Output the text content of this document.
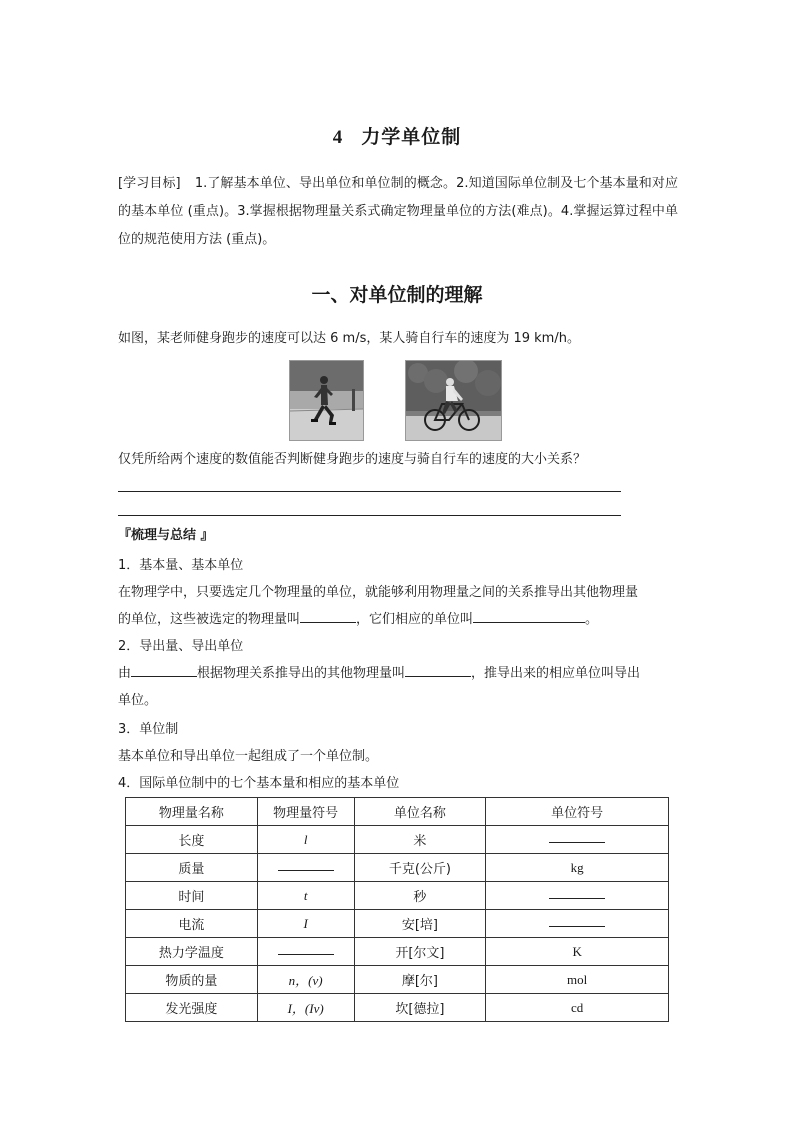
4 力学单位制
[学习目标] 1.了解基本单位、导出单位和单位制的概念。2.知道国际单位制及七个基本量和对应的基本单位 (重点)。3.掌握根据物理量关系式确定物理量单位的方法(难点)。4.掌握运算过程中单位的规范使用方法 (重点)。
一、对单位制的理解
如图，某老师健身跑步的速度可以达 6 m/s，某人骑自行车的速度为 19 km/h。
仅凭所给两个速度的数值能否判断健身跑步的速度与骑自行车的速度的大小关系？
『梳理与总结 』
1．基本量、基本单位
在物理学中，只要选定几个物理量的单位，就能够利用物理量之间的关系推导出其他物理量
的单位，这些被选定的物理量叫	，它们相应的单位叫	。
2．导出量、导出单位
由	根据物理关系推导出的其他物理量叫	，推导出来的相应单位叫导出
单位。
3．单位制
基本单位和导出单位一起组成了一个单位制。
4．国际单位制中的七个基本量和相应的基本单位
物理量名称	物理量符号	单位名称	单位符号
长度	l	米	
质量		千克(公斤)	kg
时间	t	秒	
电流	I	安[培]	
热力学温度		开[尔文]	K
物质的量	n，(ν)	摩[尔]	mol
发光强度	I，(Iv)	坎[德拉]	cd
